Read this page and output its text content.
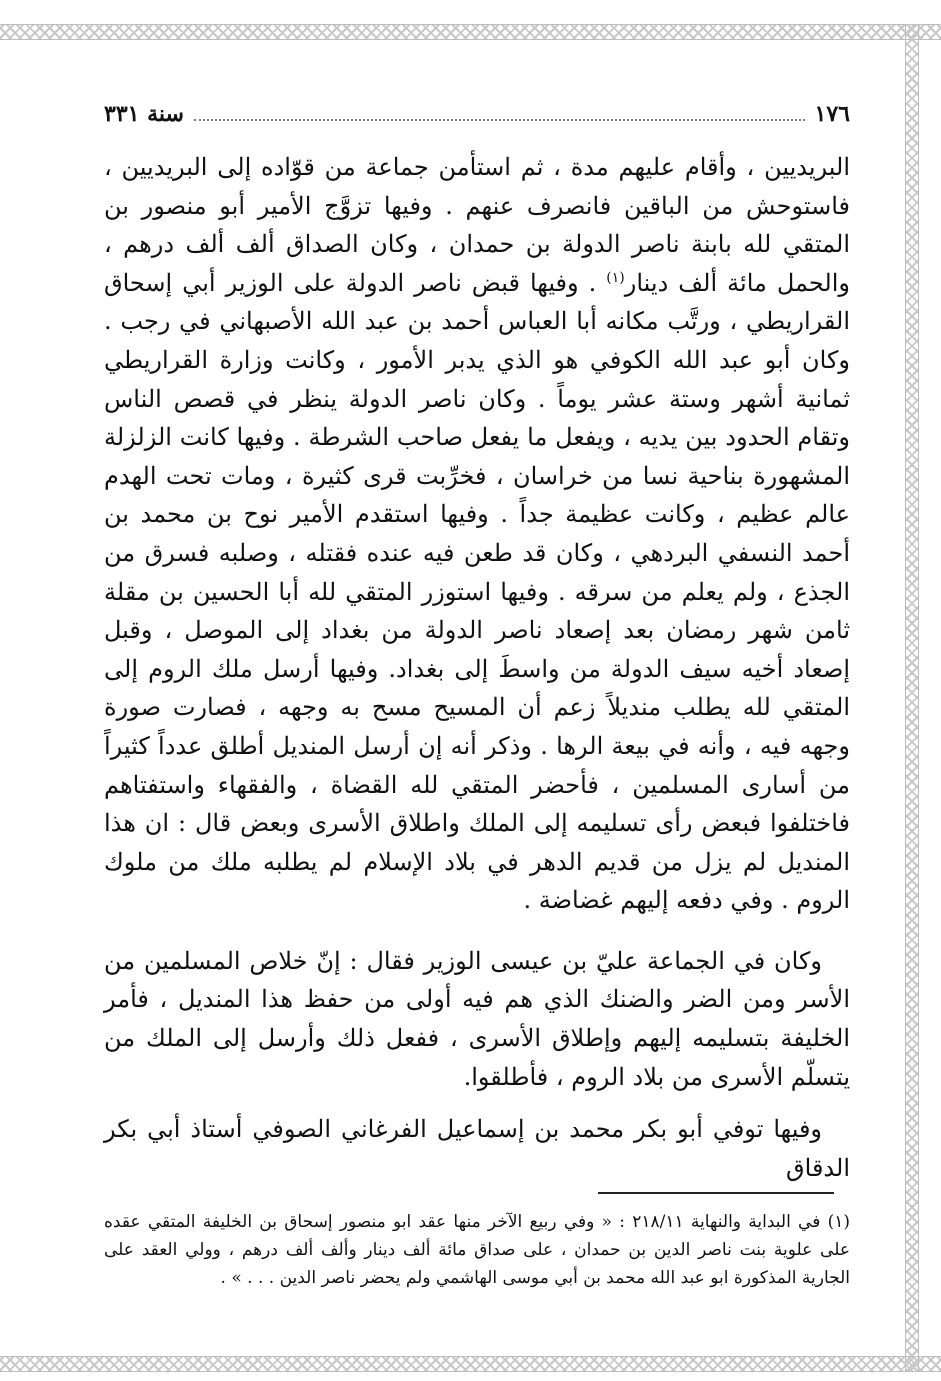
١٧٦
سنة ٣٣١

البريديين ، وأقام عليهم مدة ، ثم استأمن جماعة من قوّاده إلى البريديين ، فاستوحش من الباقين فانصرف عنهم . وفيها تزوَّج الأمير أبو منصور بن المتقي لله بابنة ناصر الدولة بن حمدان ، وكان الصداق ألف ألف درهم ، والحمل مائة ألف دينار$^{(١)}$ . وفيها قبض ناصر الدولة على الوزير أبي إسحاق القراريطي ، ورتَّب مكانه أبا العباس أحمد بن عبد الله الأصبهاني في رجب . وكان أبو عبد الله الكوفي هو الذي يدبر الأمور ، وكانت وزارة القراريطي ثمانية أشهر وستة عشر يوماً . وكان ناصر الدولة ينظر في قصص الناس وتقام الحدود بين يديه ، ويفعل ما يفعل صاحب الشرطة . وفيها كانت الزلزلة المشهورة بناحية نسا من خراسان ، فخرِّبت قرى كثيرة ، ومات تحت الهدم عالم عظيم ، وكانت عظيمة جداً . وفيها استقدم الأمير نوح بن محمد بن أحمد النسفي البردهي ، وكان قد طعن فيه عنده فقتله ، وصلبه فسرق من الجذع ، ولم يعلم من سرقه . وفيها استوزر المتقي لله أبا الحسين بن مقلة ثامن شهر رمضان بعد إصعاد ناصر الدولة من بغداد إلى الموصل ، وقبل إصعاد أخيه سيف الدولة من واسطَ إلى بغداد. وفيها أرسل ملك الروم إلى المتقي لله يطلب منديلاً زعم أن المسيح مسح به وجهه ، فصارت صورة وجهه فيه ، وأنه في بيعة الرها . وذكر أنه إن أرسل المنديل أطلق عدداً كثيراً من أسارى المسلمين ، فأحضر المتقي لله القضاة ، والفقهاء واستفتاهم فاختلفوا فبعض رأى تسليمه إلى الملك واطلاق الأسرى وبعض قال : ان هذا المنديل لم يزل من قديم الدهر في بلاد الإسلام لم يطلبه ملك من ملوك الروم . وفي دفعه إليهم غضاضة .

وكان في الجماعة عليّ بن عيسى الوزير فقال : إنّ خلاص المسلمين من الأسر ومن الضر والضنك الذي هم فيه أولى من حفظ هذا المنديل ، فأمر الخليفة بتسليمه إليهم وإطلاق الأسرى ، ففعل ذلك وأرسل إلى الملك من يتسلّم الأسرى من بلاد الروم ، فأطلقوا.

وفيها توفي أبو بكر محمد بن إسماعيل الفرغاني الصوفي أستاذ أبي بكر الدقاق

(١) في البداية والنهاية ٢١٨/١١ : « وفي ربيع الآخر منها عقد ابو منصور إسحاق بن الخليفة المتقي عقده على علوية بنت ناصر الدين بن حمدان ، على صداق مائة ألف دينار وألف ألف درهم ، وولي العقد على الجارية المذكورة ابو عبد الله محمد بن أبي موسى الهاشمي ولم يحضر ناصر الدين . . . » .
